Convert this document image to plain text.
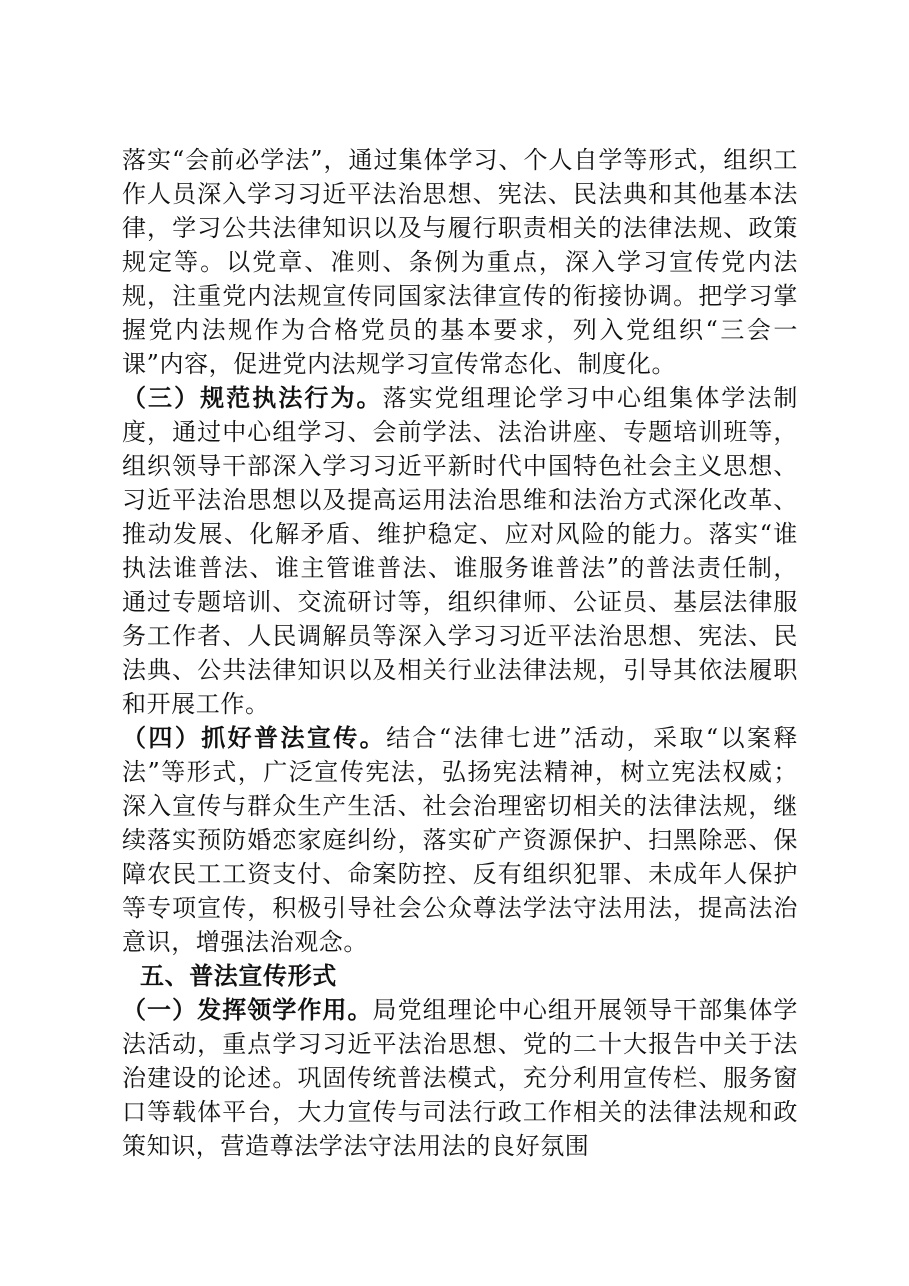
落实“会前必学法”，通过集体学习、个人自学等形式，组织工作人员深入学习习近平法治思想、宪法、民法典和其他基本法律，学习公共法律知识以及与履行职责相关的法律法规、政策规定等。以党章、准则、条例为重点，深入学习宣传党内法规，注重党内法规宣传同国家法律宣传的衔接协调。把学习掌握党内法规作为合格党员的基本要求，列入党组织“三会一课”内容，促进党内法规学习宣传常态化、制度化。

（三）规范执法行为。落实党组理论学习中心组集体学法制度，通过中心组学习、会前学法、法治讲座、专题培训班等，组织领导干部深入学习习近平新时代中国特色社会主义思想、习近平法治思想以及提高运用法治思维和法治方式深化改革、推动发展、化解矛盾、维护稳定、应对风险的能力。落实“谁执法谁普法、谁主管谁普法、谁服务谁普法”的普法责任制，通过专题培训、交流研讨等，组织律师、公证员、基层法律服务工作者、人民调解员等深入学习习近平法治思想、宪法、民法典、公共法律知识以及相关行业法律法规，引导其依法履职和开展工作。

（四）抓好普法宣传。结合“法律七进”活动，采取“以案释法”等形式，广泛宣传宪法，弘扬宪法精神，树立宪法权威；深入宣传与群众生产生活、社会治理密切相关的法律法规，继续落实预防婚恋家庭纠纷，落实矿产资源保护、扫黑除恶、保障农民工工资支付、命案防控、反有组织犯罪、未成年人保护等专项宣传，积极引导社会公众尊法学法守法用法，提高法治意识，增强法治观念。

五、普法宣传形式

（一）发挥领学作用。局党组理论中心组开展领导干部集体学法活动，重点学习习近平法治思想、党的二十大报告中关于法治建设的论述。巩固传统普法模式，充分利用宣传栏、服务窗口等载体平台，大力宣传与司法行政工作相关的法律法规和政策知识，营造尊法学法守法用法的良好氛围
